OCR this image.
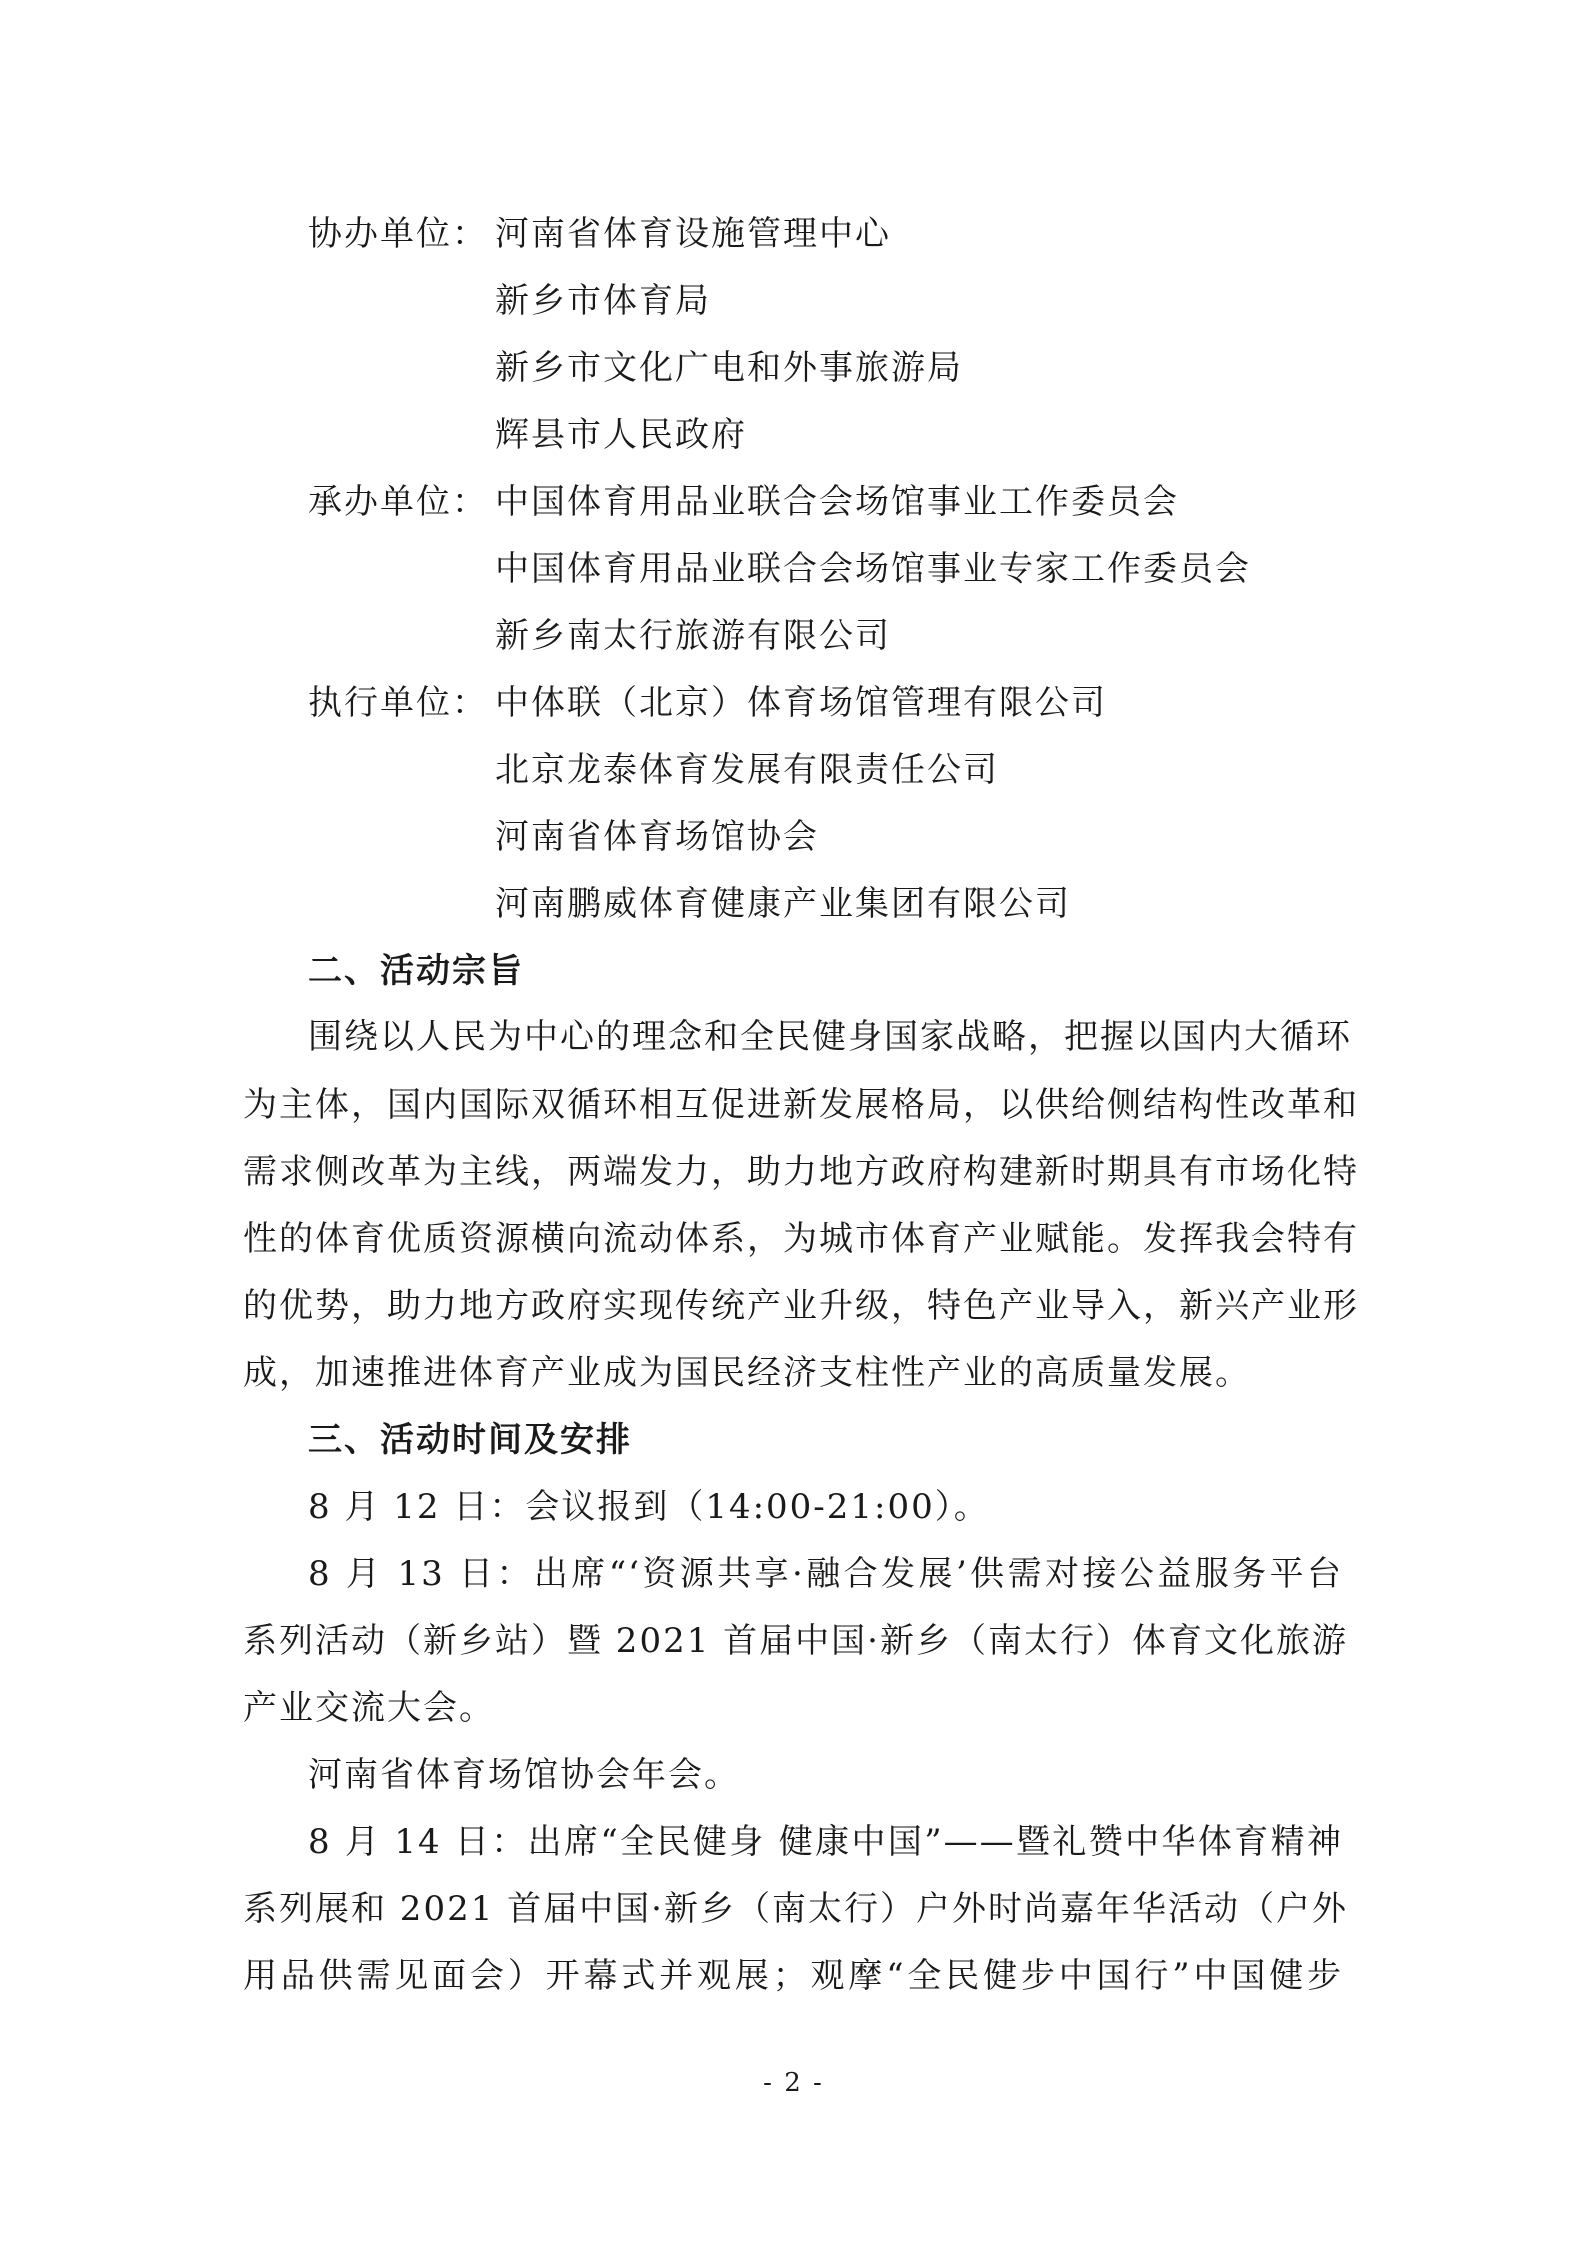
协办单位： 河南省体育设施管理中心
新乡市体育局
新乡市文化广电和外事旅游局
辉县市人民政府
承办单位： 中国体育用品业联合会场馆事业工作委员会
中国体育用品业联合会场馆事业专家工作委员会
新乡南太行旅游有限公司
执行单位： 中体联（北京）体育场馆管理有限公司
北京龙泰体育发展有限责任公司
河南省体育场馆协会
河南鹏威体育健康产业集团有限公司
二、活动宗旨
围绕以人民为中心的理念和全民健身国家战略，把握以国内大循环
为主体，国内国际双循环相互促进新发展格局，以供给侧结构性改革和
需求侧改革为主线，两端发力，助力地方政府构建新时期具有市场化特
性的体育优质资源横向流动体系，为城市体育产业赋能。发挥我会特有
的优势，助力地方政府实现传统产业升级，特色产业导入，新兴产业形
成，加速推进体育产业成为国民经济支柱性产业的高质量发展。
三、活动时间及安排
8 月 12 日：会议报到（14:00-21:00）。
8 月 13 日：出席“‘资源共享·融合发展’供需对接公益服务平台
系列活动（新乡站）暨 2021 首届中国·新乡（南太行）体育文化旅游
产业交流大会。
河南省体育场馆协会年会。
8 月 14 日：出席“全民健身 健康中国”——暨礼赞中华体育精神
系列展和 2021 首届中国·新乡（南太行）户外时尚嘉年华活动（户外
用品供需见面会）开幕式并观展；观摩“全民健步中国行”中国健步
- 2 -
